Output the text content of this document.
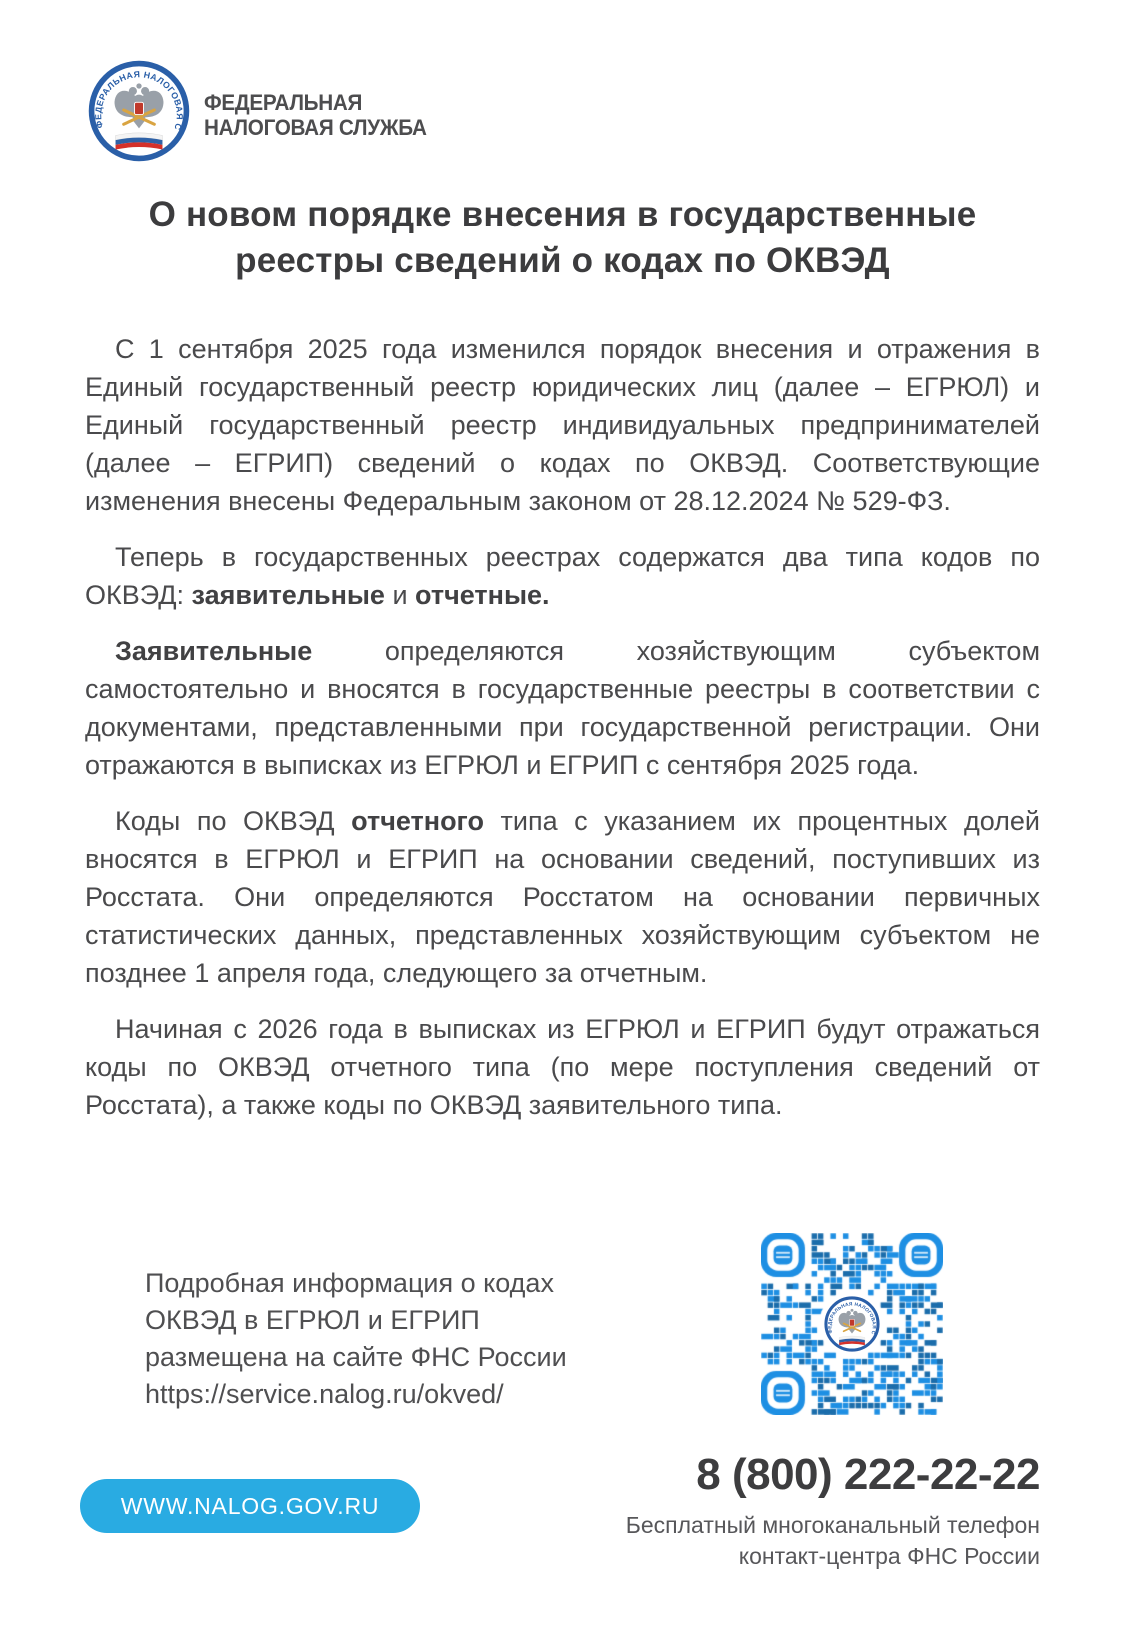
ФЕДЕРАЛЬНАЯ
НАЛОГОВАЯ СЛУЖБА
О новом порядке внесения в государственные реестры сведений о кодах по ОКВЭД

С 1 сентября 2025 года изменился порядок внесения и отражения в Единый государственный реестр юридических лиц (далее – ЕГРЮЛ) и Единый государственный реестр индивидуальных предпринимателей (далее – ЕГРИП) сведений о кодах по ОКВЭД. Соответствующие изменения внесены Федеральным законом от 28.12.2024 № 529-ФЗ.

Теперь в государственных реестрах содержатся два типа кодов по ОКВЭД: заявительные и отчетные.

Заявительные определяются хозяйствующим субъектом самостоятельно и вносятся в государственные реестры в соответствии с документами, представленными при государственной регистрации. Они отражаются в выписках из ЕГРЮЛ и ЕГРИП с сентября 2025 года.

Коды по ОКВЭД отчетного типа с указанием их процентных долей вносятся в ЕГРЮЛ и ЕГРИП на основании сведений, поступивших из Росстата. Они определяются Росстатом на основании первичных статистических данных, представленных хозяйствующим субъектом не позднее 1 апреля года, следующего за отчетным.

Начиная с 2026 года в выписках из ЕГРЮЛ и ЕГРИП будут отражаться коды по ОКВЭД отчетного типа (по мере поступления сведений от Росстата), а также коды по ОКВЭД заявительного типа.

Подробная информация о кодах
ОКВЭД в ЕГРЮЛ и ЕГРИП
размещена на сайте ФНС России
https://service.nalog.ru/okved/
WWW.NALOG.GOV.RU
8 (800) 222-22-22
Бесплатный многоканальный телефон
контакт-центра ФНС России
